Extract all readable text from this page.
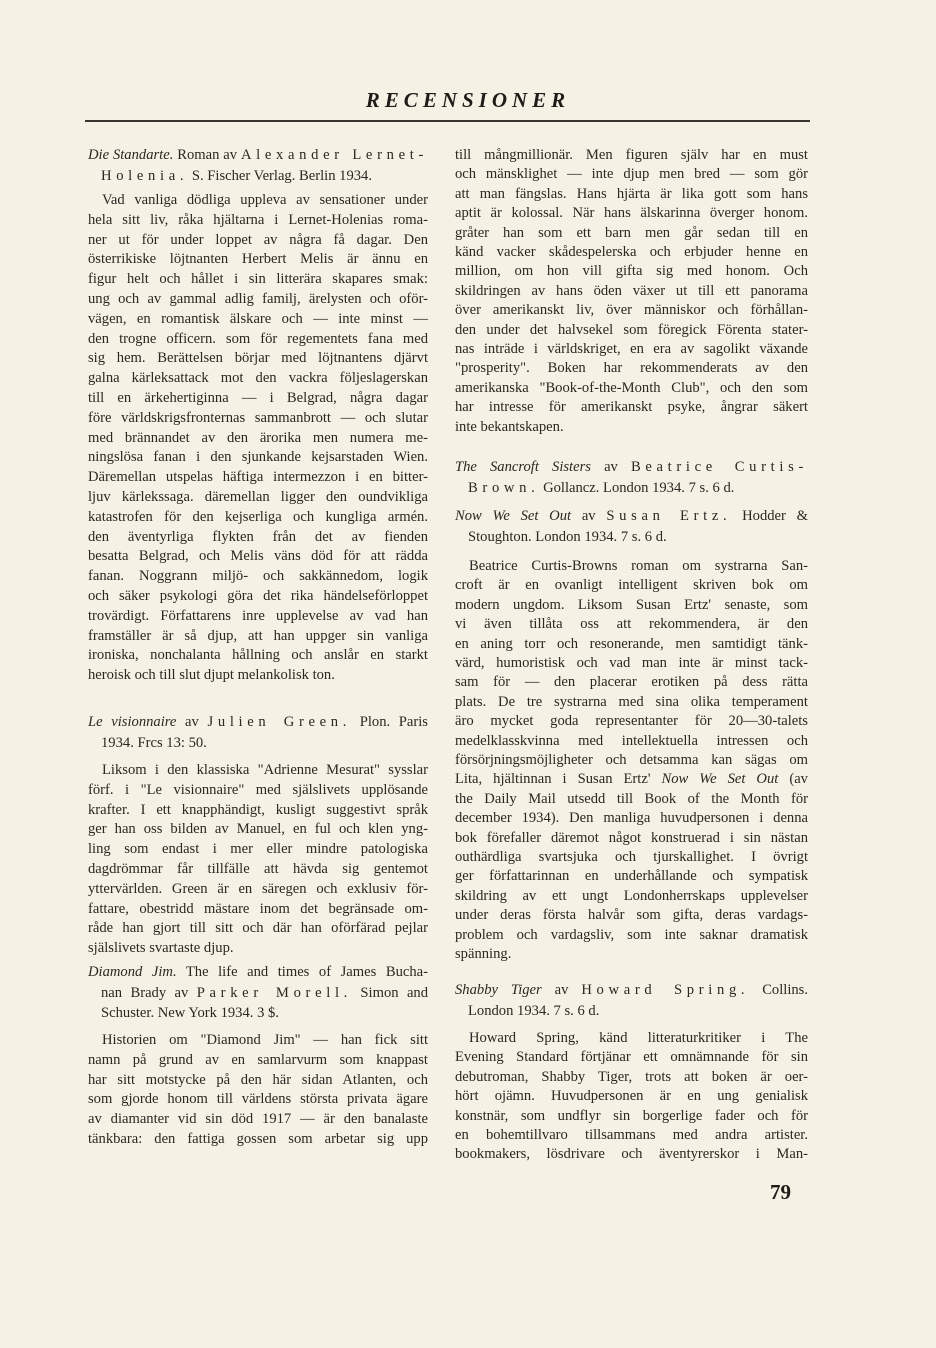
RECENSIONER
Die Standarte. Roman av Alexander Lernet-
Holenia. S. Fischer Verlag. Berlin 1934.
Vad vanliga dödliga uppleva av sensationer under
hela sitt liv, råka hjältarna i Lernet-Holenias roma-
ner ut för under loppet av några få dagar. Den
österrikiske löjtnanten Herbert Melis är ännu en
figur helt och hållet i sin litterära skapares smak:
ung och av gammal adlig familj, ärelysten och oför-
vägen, en romantisk älskare och — inte minst —
den trogne officern. som för regementets fana med
sig hem. Berättelsen börjar med löjtnantens djärvt
galna kärleksattack mot den vackra följeslagerskan
till en ärkehertiginna — i Belgrad, några dagar
före världskrigsfronternas sammanbrott — och slutar
med brännandet av den ärorika men numera me-
ningslösa fanan i den sjunkande kejsarstaden Wien.
Däremellan utspelas häftiga intermezzon i en bitter-
ljuv kärlekssaga. däremellan ligger den oundvikliga
katastrofen för den kejserliga och kungliga armén.
den äventyrliga flykten från det av fienden
besatta Belgrad, och Melis väns död för att rädda
fanan. Noggrann miljö- och sakkännedom, logik
och säker psykologi göra det rika händelseförloppet
trovärdigt. Författarens inre upplevelse av vad han
framställer är så djup, att han uppger sin vanliga
ironiska, nonchalanta hållning och anslår en starkt
heroisk och till slut djupt melankolisk ton.
Le visionnaire av Julien Green. Plon. Paris
1934. Frcs 13: 50.
Liksom i den klassiska "Adrienne Mesurat" sysslar
förf. i "Le visionnaire" med själslivets upplösande
krafter. I ett knapphändigt, kusligt suggestivt språk
ger han oss bilden av Manuel, en ful och klen yng-
ling som endast i mer eller mindre patologiska
dagdrömmar får tillfälle att hävda sig gentemot
yttervärlden. Green är en säregen och exklusiv för-
fattare, obestridd mästare inom det begränsade om-
råde han gjort till sitt och där han oförfärad pejlar
själslivets svartaste djup.
Diamond Jim. The life and times of James Bucha-
nan Brady av Parker Morell. Simon and
Schuster. New York 1934. 3 $.
Historien om "Diamond Jim" — han fick sitt
namn på grund av en samlarvurm som knappast
har sitt motstycke på den här sidan Atlanten, och
som gjorde honom till världens största privata ägare
av diamanter vid sin död 1917 — är den banalaste
tänkbara: den fattiga gossen som arbetar sig upp
till mångmillionär. Men figuren själv har en must
och mänsklighet — inte djup men bred — som gör
att man fängslas. Hans hjärta är lika gott som hans
aptit är kolossal. När hans älskarinna överger honom.
gråter han som ett barn men går sedan till en
känd vacker skådespelerska och erbjuder henne en
million, om hon vill gifta sig med honom. Och
skildringen av hans öden växer ut till ett panorama
över amerikanskt liv, över människor och förhållan-
den under det halvsekel som föregick Förenta stater-
nas inträde i världskriget, en era av sagolikt växande
"prosperity". Boken har rekommenderats av den
amerikanska "Book-of-the-Month Club", och den som
har intresse för amerikanskt psyke, ångrar säkert
inte bekantskapen.
The Sancroft Sisters av Beatrice Curtis-
Brown. Gollancz. London 1934. 7 s. 6 d.
Now We Set Out av Susan Ertz. Hodder &
Stoughton. London 1934. 7 s. 6 d.
Beatrice Curtis-Browns roman om systrarna San-
croft är en ovanligt intelligent skriven bok om
modern ungdom. Liksom Susan Ertz' senaste, som
vi även tillåta oss att rekommendera, är den
en aning torr och resonerande, men samtidigt tänk-
värd, humoristisk och vad man inte är minst tack-
sam för — den placerar erotiken på dess rätta
plats. De tre systrarna med sina olika temperament
äro mycket goda representanter för 20—30-talets
medelklasskvinna med intellektuella intressen och
försörjningsmöjligheter och detsamma kan sägas om
Lita, hjältinnan i Susan Ertz' Now We Set Out (av
the Daily Mail utsedd till Book of the Month för
december 1934). Den manliga huvudpersonen i denna
bok förefaller däremot något konstruerad i sin nästan
outhärdliga svartsjuka och tjurskallighet. I övrigt
ger författarinnan en underhållande och sympatisk
skildring av ett ungt Londonherrskaps upplevelser
under deras första halvår som gifta, deras vardags-
problem och vardagsliv, som inte saknar dramatisk
spänning.
Shabby Tiger av Howard Spring. Collins.
London 1934. 7 s. 6 d.
Howard Spring, känd litteraturkritiker i The
Evening Standard förtjänar ett omnämnande för sin
debutroman, Shabby Tiger, trots att boken är oer-
hört ojämn. Huvudpersonen är en ung genialisk
konstnär, som undflyr sin borgerlige fader och för
en bohemtillvaro tillsammans med andra artister.
bookmakers, lösdrivare och äventyrerskor i Man-
79
